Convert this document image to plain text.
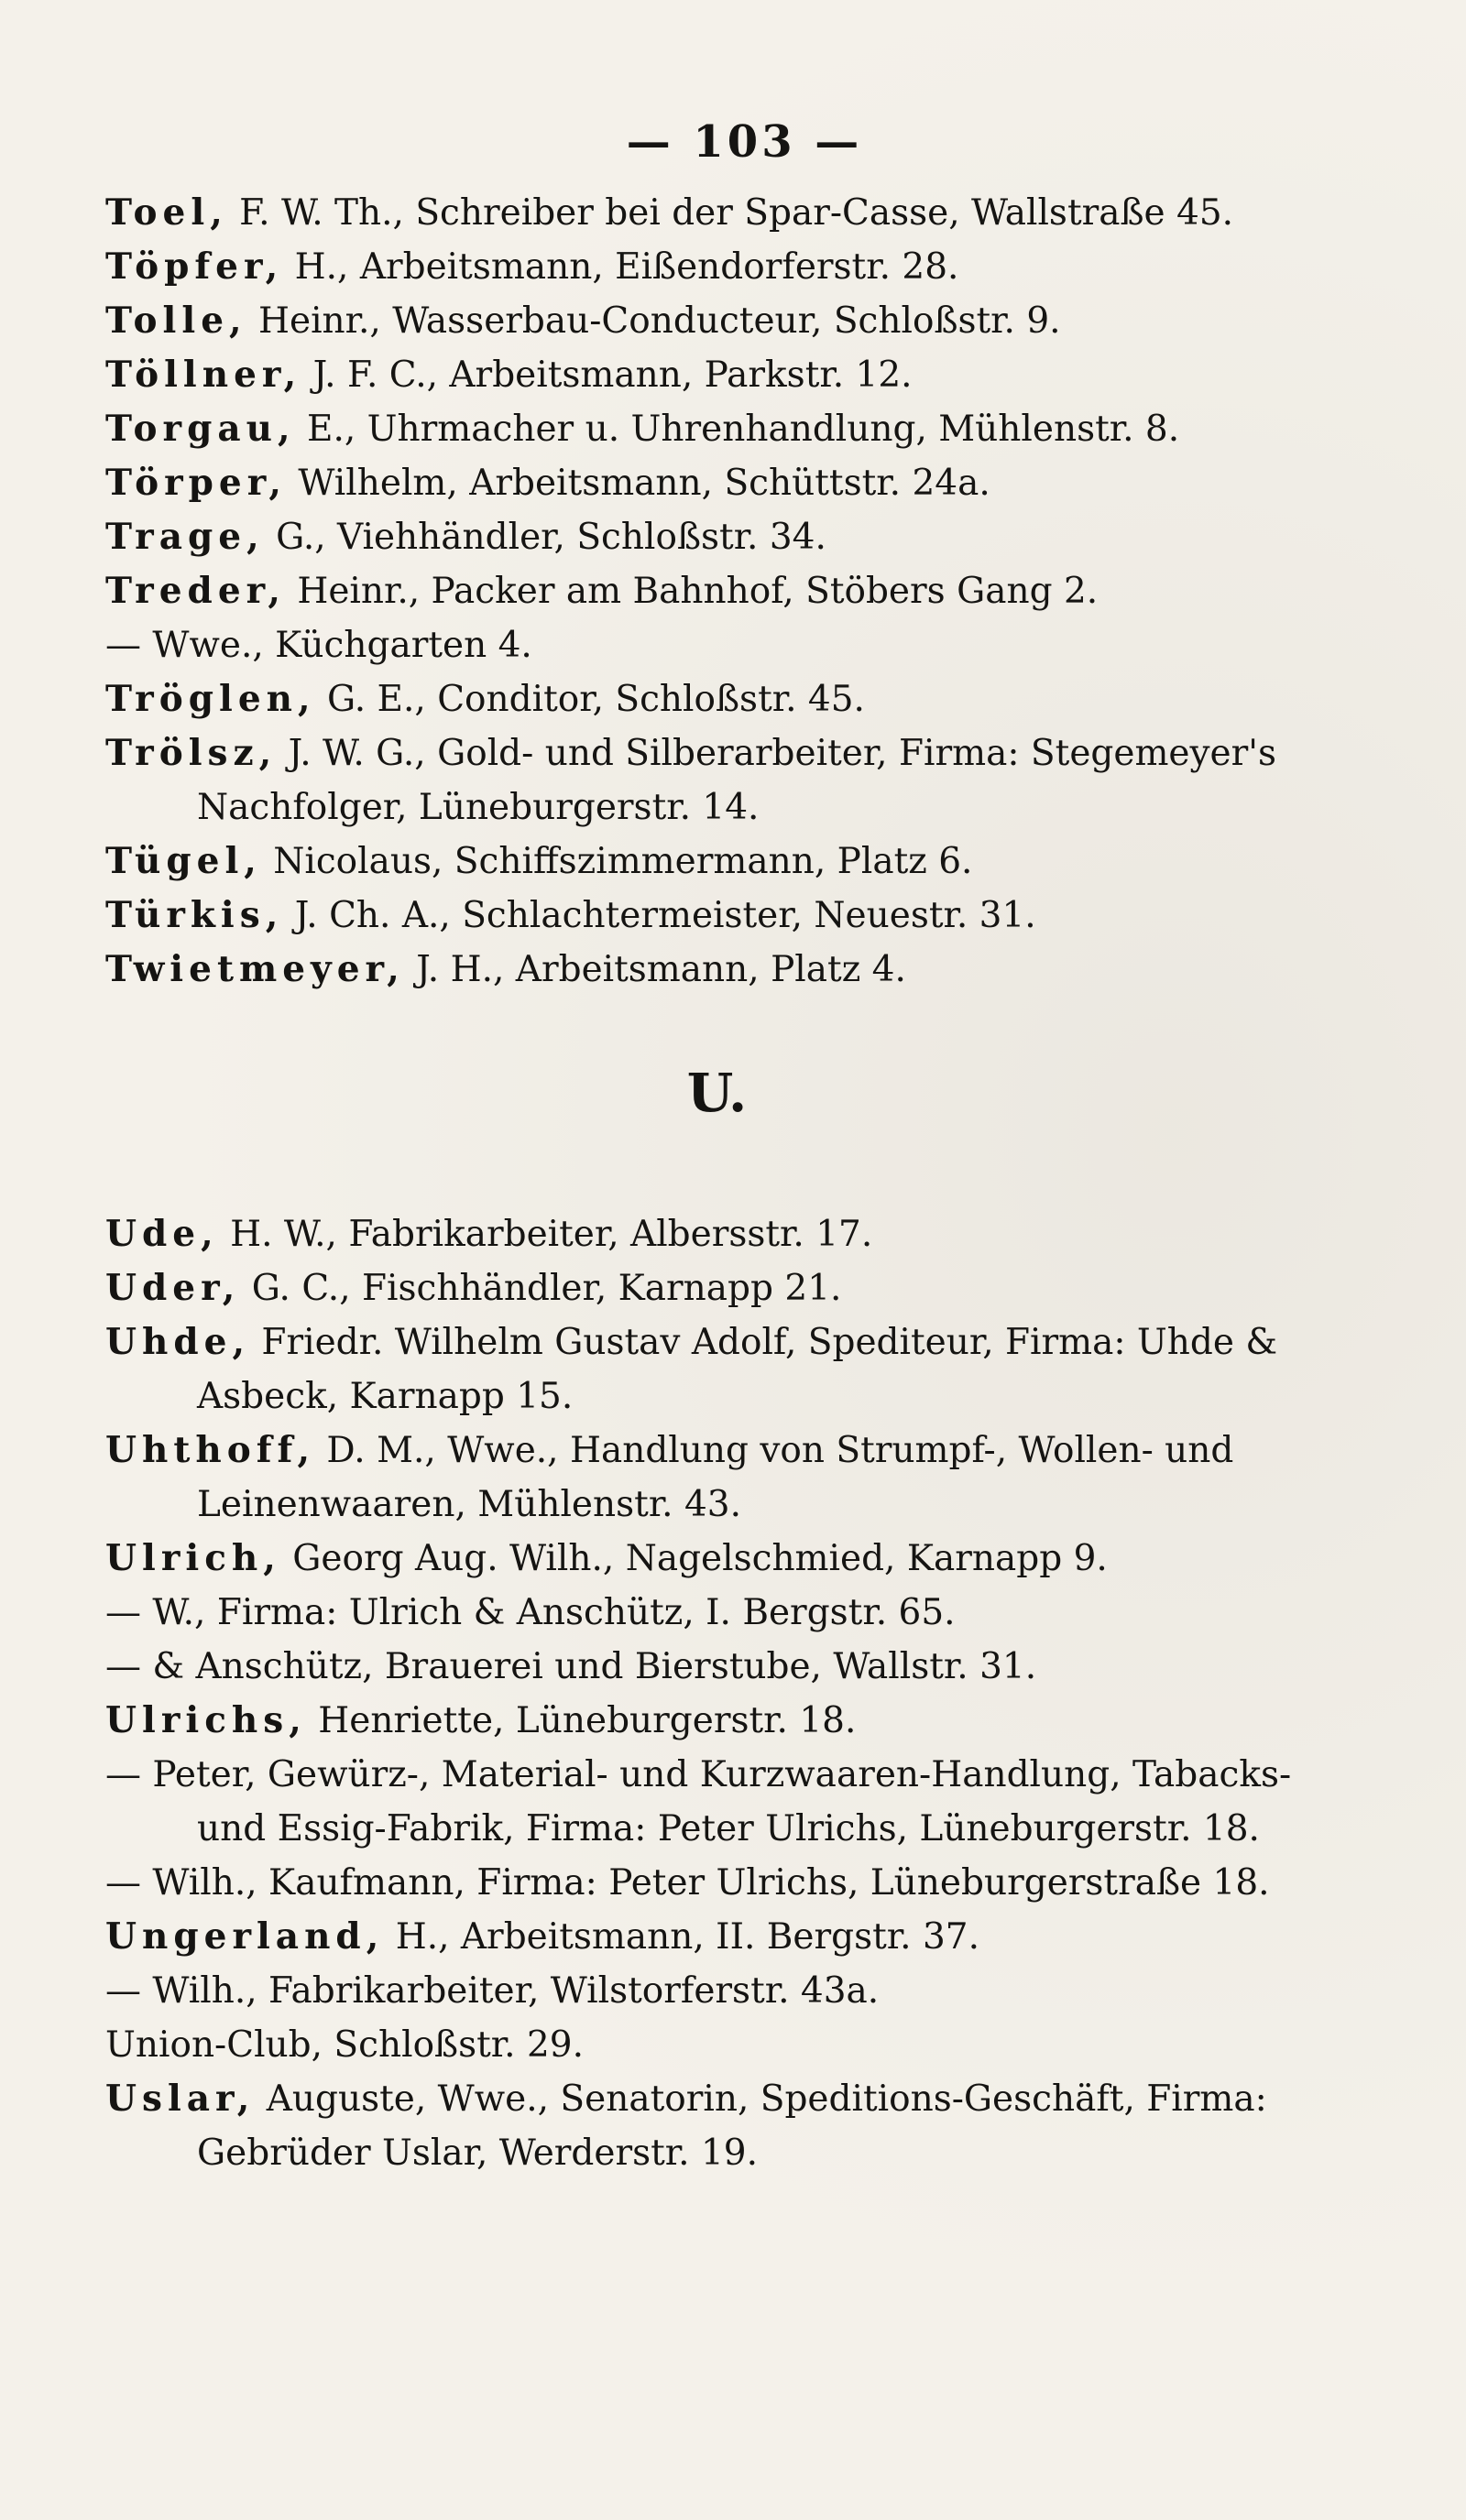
— 103 —

Toel, F. W. Th., Schreiber bei der Spar-Casse, Wallstraße 45.

Töpfer, H., Arbeitsmann, Eißendorferstr. 28.

Tolle, Heinr., Wasserbau-Conducteur, Schloßstr. 9.

Töllner, J. F. C., Arbeitsmann, Parkstr. 12.

Torgau, E., Uhrmacher u. Uhrenhandlung, Mühlenstr. 8.

Törper, Wilhelm, Arbeitsmann, Schüttstr. 24a.

Trage, G., Viehhändler, Schloßstr. 34.

Treder, Heinr., Packer am Bahnhof, Stöbers Gang 2.

— Wwe., Küchgarten 4.

Tröglen, G. E., Conditor, Schloßstr. 45.

Trölsz, J. W. G., Gold- und Silberarbeiter, Firma: Stegemeyer's Nachfolger, Lüneburgerstr. 14.

Tügel, Nicolaus, Schiffszimmermann, Platz 6.

Türkis, J. Ch. A., Schlachtermeister, Neuestr. 31.

Twietmeyer, J. H., Arbeitsmann, Platz 4.

U.

Ude, H. W., Fabrikarbeiter, Albersstr. 17.

Uder, G. C., Fischhändler, Karnapp 21.

Uhde, Friedr. Wilhelm Gustav Adolf, Spediteur, Firma: Uhde & Asbeck, Karnapp 15.

Uhthoff, D. M., Wwe., Handlung von Strumpf-, Wollen- und Leinenwaaren, Mühlenstr. 43.

Ulrich, Georg Aug. Wilh., Nagelschmied, Karnapp 9.

— W., Firma: Ulrich & Anschütz, I. Bergstr. 65.

— & Anschütz, Brauerei und Bierstube, Wallstr. 31.

Ulrichs, Henriette, Lüneburgerstr. 18.

— Peter, Gewürz-, Material- und Kurzwaaren-Handlung, Tabacks- und Essig-Fabrik, Firma: Peter Ulrichs, Lüneburgerstr. 18.

— Wilh., Kaufmann, Firma: Peter Ulrichs, Lüneburgerstraße 18.

Ungerland, H., Arbeitsmann, II. Bergstr. 37.

— Wilh., Fabrikarbeiter, Wilstorferstr. 43a.

Union-Club, Schloßstr. 29.

Uslar, Auguste, Wwe., Senatorin, Speditions-Geschäft, Firma: Gebrüder Uslar, Werderstr. 19.
